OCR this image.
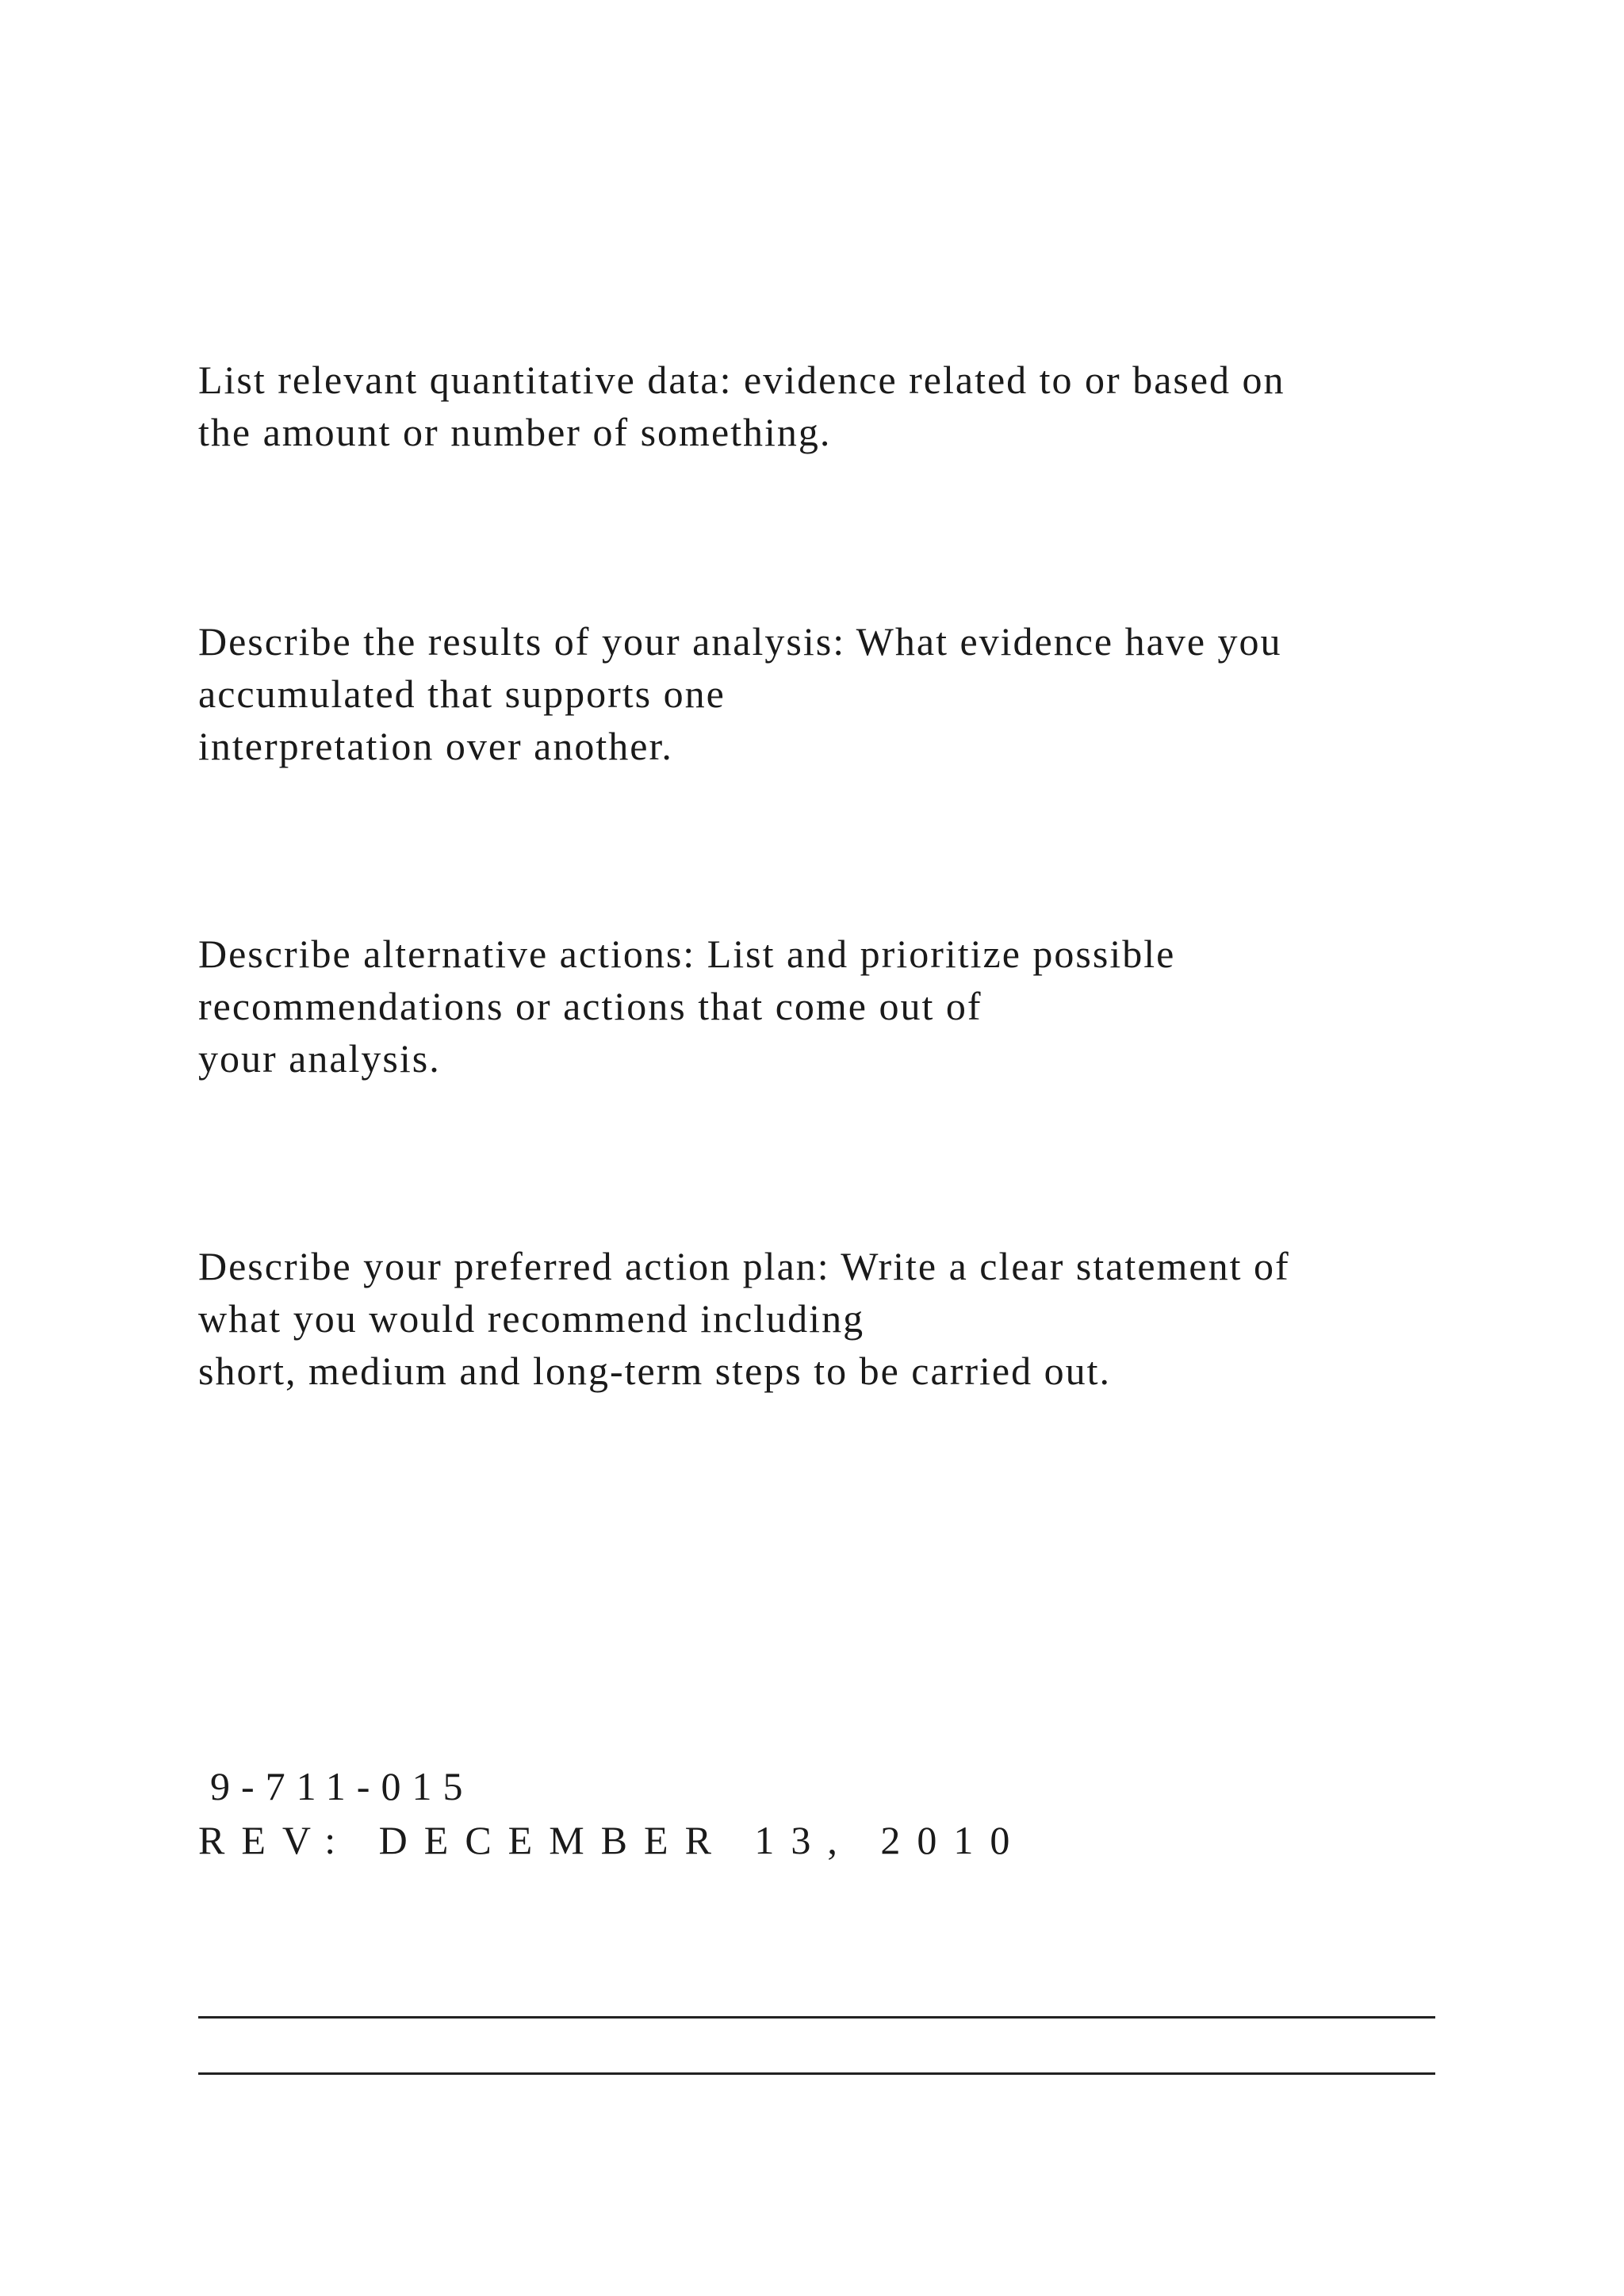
List relevant quantitative data: evidence related to or based on
the amount or number of something.

Describe the results of your analysis: What evidence have you
accumulated that supports one
interpretation over another.

Describe alternative actions: List and prioritize possible
recommendations or actions that come out of
your analysis.

Describe your preferred action plan: Write a clear statement of
what you would recommend including
short, medium and long-term steps to be carried out.

9-711-015

REV: DECEMBER 13, 2010
